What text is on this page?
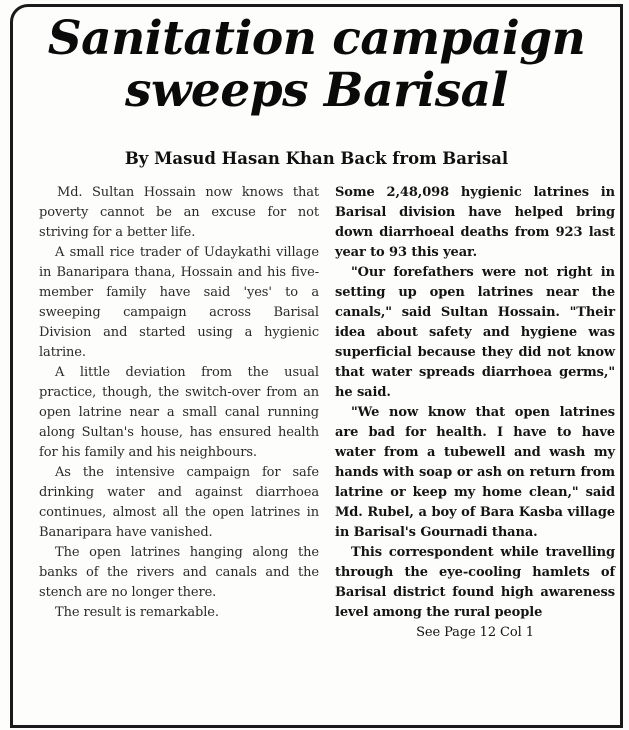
Sanitation campaign
sweeps Barisal

By Masud Hasan Khan Back from Barisal

Md. Sultan Hossain now knows that poverty cannot be an excuse for not striving for a better life.

A small rice trader of Udaykathi village in Banaripara thana, Hossain and his five-member family have said 'yes' to a sweeping campaign across Barisal Division and started using a hygienic latrine.

A little deviation from the usual practice, though, the switch-over from an open latrine near a small canal running along Sultan's house, has ensured health for his family and his neighbours.

As the intensive campaign for safe drinking water and against diarrhoea continues, almost all the open latrines in Banaripara have vanished.

The open latrines hanging along the banks of the rivers and canals and the stench are no longer there.

The result is remarkable.

Some 2,48,098 hygienic latrines in Barisal division have helped bring down diarrhoeal deaths from 923 last year to 93 this year.

"Our forefathers were not right in setting up open latrines near the canals," said Sultan Hossain. "Their idea about safety and hygiene was superficial because they did not know that water spreads diarrhoea germs," he said.

"We now know that open latrines are bad for health. I have to have water from a tubewell and wash my hands with soap or ash on return from latrine or keep my home clean," said Md. Rubel, a boy of Bara Kasba village in Barisal's Gournadi thana.

This correspondent while travelling through the eye-cooling hamlets of Barisal district found high awareness level among the rural people

See Page 12 Col 1
